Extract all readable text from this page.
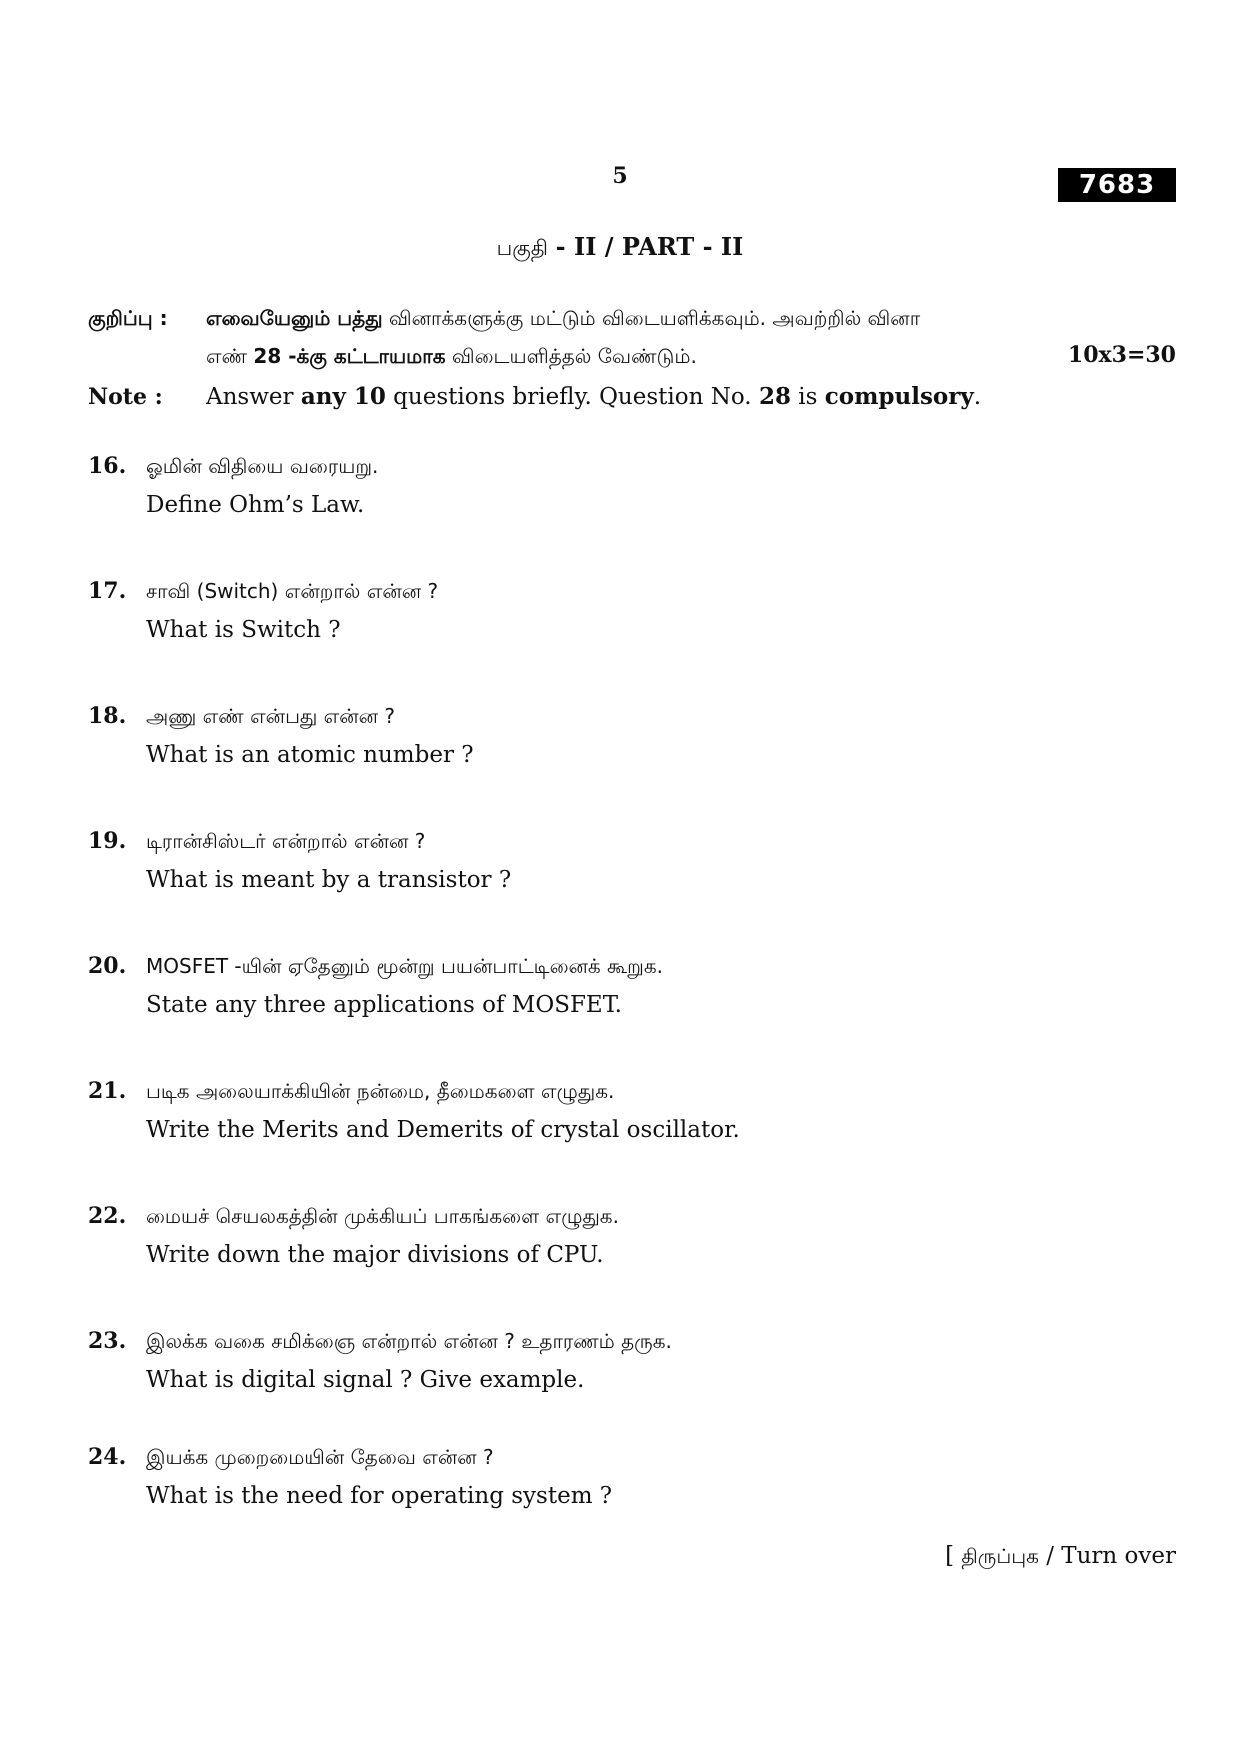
5	7683
பகுதி - II / PART - II
குறிப்பு : எவையேனும் பத்து வினாக்களுக்கு மட்டும் விடையளிக்கவும். அவற்றில் வினா
எண் 28 -க்கு கட்டாயமாக விடையளித்தல் வேண்டும்.	10x3=30
Note : Answer any 10 questions briefly. Question No. 28 is compulsory.
16. ஓமின் விதியை வரையறு.
Define Ohm’s Law.
17. சாவி (Switch) என்றால் என்ன ?
What is Switch ?
18. அணு எண் என்பது என்ன ?
What is an atomic number ?
19. டிரான்சிஸ்டர் என்றால் என்ன ?
What is meant by a transistor ?
20. MOSFET -யின் ஏதேனும் மூன்று பயன்பாட்டினைக் கூறுக.
State any three applications of MOSFET.
21. படிக அலையாக்கியின் நன்மை, தீமைகளை எழுதுக.
Write the Merits and Demerits of crystal oscillator.
22. மையச் செயலகத்தின் முக்கியப் பாகங்களை எழுதுக.
Write down the major divisions of CPU.
23. இலக்க வகை சமிக்ஞை என்றால் என்ன ? உதாரணம் தருக.
What is digital signal ? Give example.
24. இயக்க முறைமையின் தேவை என்ன ?
What is the need for operating system ?
[ திருப்புக / Turn over
